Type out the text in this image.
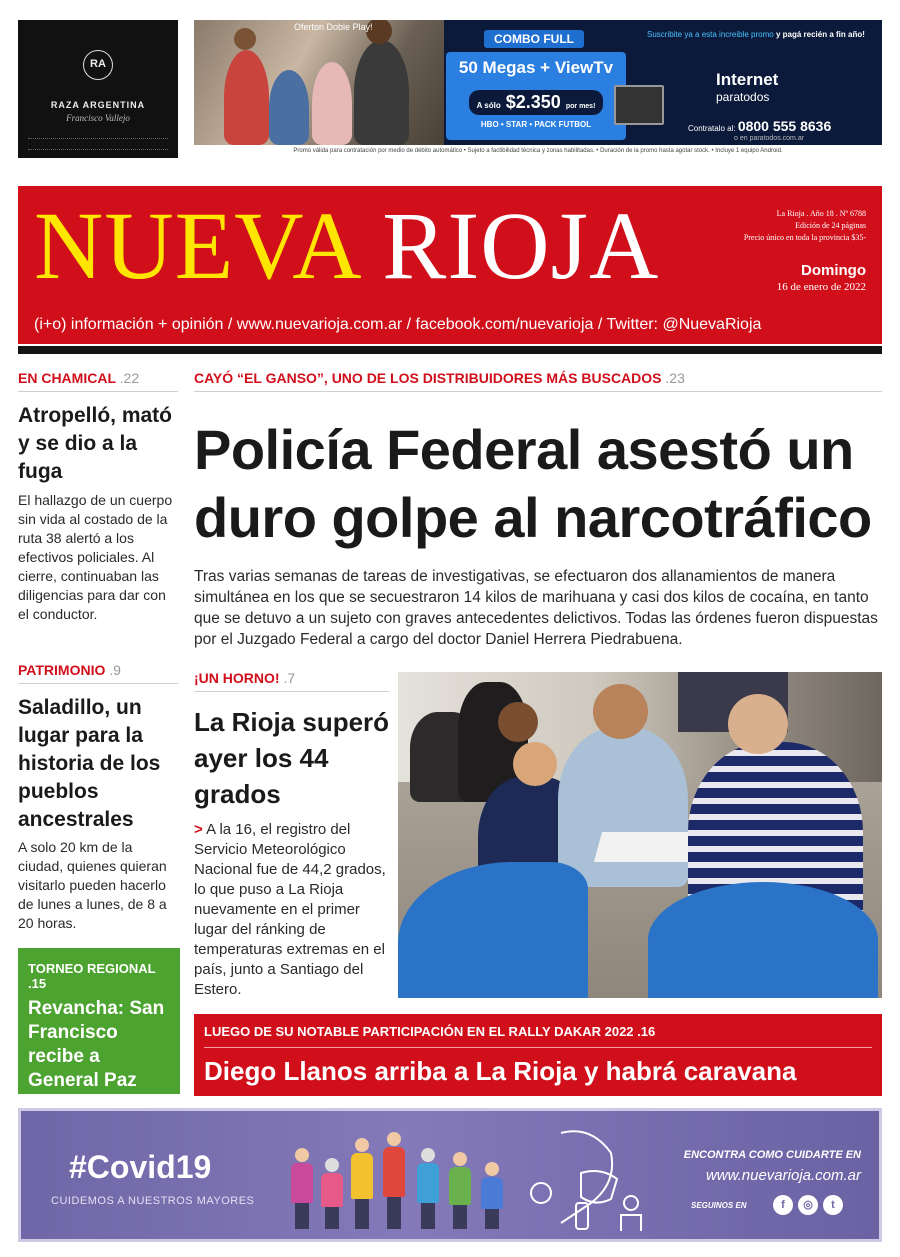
RA
RAZA ARGENTINA
Francisco Vallejo
Oferton Doble Play!
COMBO FULL
50 Megas + ViewTv
A sólo $2.350 por mes!
HBO • STAR • PACK FUTBOL
Suscribite ya a esta increible promo y pagá recién a fin año!
Internet
paratodos
Contratalo al: 0800 555 8636
o en paratodos.com.ar
Promo válida para contratación por medio de débito automático • Sujeto a factibilidad técnica y zonas habilitadas. • Duración de la promo hasta agotar stock. • Incluye 1 equipo Android.
NUEVA RIOJA	La Rioja . Año 18 . Nº 6788
Edición de 24 páginas
Precio único en toda la provincia $35-
Domingo
16 de enero de 2022
(i+o) información + opinión / www.nuevarioja.com.ar / facebook.com/nuevarioja / Twitter: @NuevaRioja
EN CHAMICAL .22
Atropelló, mató y se dio a la fuga
El hallazgo de un cuerpo sin vida al costado de la ruta 38 alertó a los efectivos policiales. Al cierre, continuaban las diligencias para dar con el conductor.
PATRIMONIO .9
Saladillo, un lugar para la historia de los pueblos ancestrales
A solo 20 km de la ciudad, quienes quieran visitarlo pueden hacerlo de lunes a lunes, de 8 a 20 horas.
TORNEO REGIONAL .15
Revancha: San Francisco recibe a General Paz
CAYÓ “EL GANSO”, UNO DE LOS DISTRIBUIDORES MÁS BUSCADOS .23
Policía Federal asestó un duro golpe al narcotráfico
Tras varias semanas de tareas de investigativas, se efectuaron dos allanamientos de manera simultánea en los que se secuestraron 14 kilos de marihuana y casi dos kilos de cocaína, en tanto que se detuvo a un sujeto con graves antecedentes delictivos. Todas las órdenes fueron dispuestas por el Juzgado Federal a cargo del doctor Daniel Herrera Piedrabuena.
¡UN HORNO! .7
La Rioja superó ayer los 44 grados
> A la 16, el registro del Servicio Meteorológico Nacional fue de 44,2 grados, lo que puso a La Rioja nuevamente en el primer lugar del ránking de temperaturas extremas en el país, junto a Santiago del Estero.
LUEGO DE SU NOTABLE PARTICIPACIÓN EN EL RALLY DAKAR 2022 .16
Diego Llanos arriba a La Rioja y habrá caravana
#Covid19
CUIDEMOS A NUESTROS MAYORES
ENCONTRA COMO CUIDARTE EN
www.nuevarioja.com.ar
SEGUINOS EN	f	◎	t
